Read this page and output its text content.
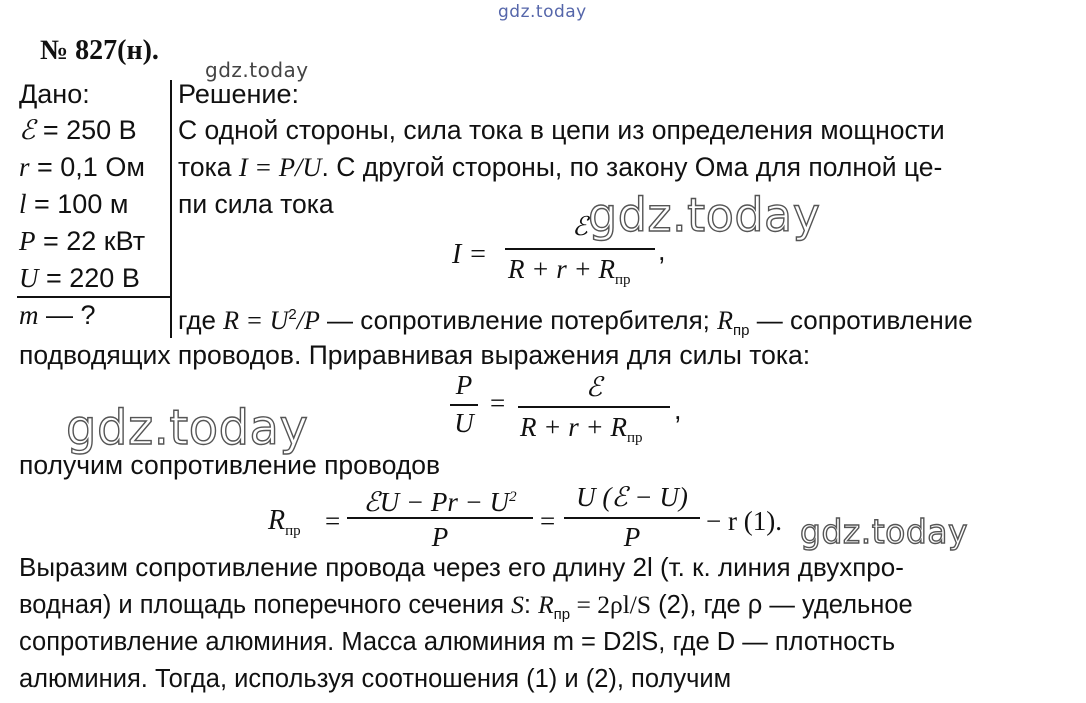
gdz.today
gdz.today
gdz.today
gdz.today
gdz.today
№ 827(н).
Дано:
ℰ = 250 В
r = 0,1 Ом
l = 100 м
P = 22 кВт
U = 220 В
m — ?
Решение:
С одной стороны, сила тока в цепи из определения мощности
тока I = P/U. С другой стороны, по закону Ома для полной це-
пи сила тока
I =
ℰ
$R + r + R_{пр}$
,
где $R = U^2/P$ — сопротивление потербителя; $R_{пр}$ — сопротивление
подводящих проводов. Приравнивая выражения для силы тока:
P
U
=
ℰ
$R + r + R_{пр}$
,
получим сопротивление проводов
$R_{пр}$ =
ℰU − $Pr - U^2$
P
=
U (ℰ − U)
P
− r (1).
Выразим сопротивление провода через его длину 2l (т. к. линия двухпро-
водная) и площадь поперечного сечения S: $R_{пр} = 2\rho l/S$ (2), где ρ — удельное
сопротивление алюминия. Масса алюминия m = D2lS, где D — плотность
алюминия. Тогда, используя соотношения (1) и (2), получим
